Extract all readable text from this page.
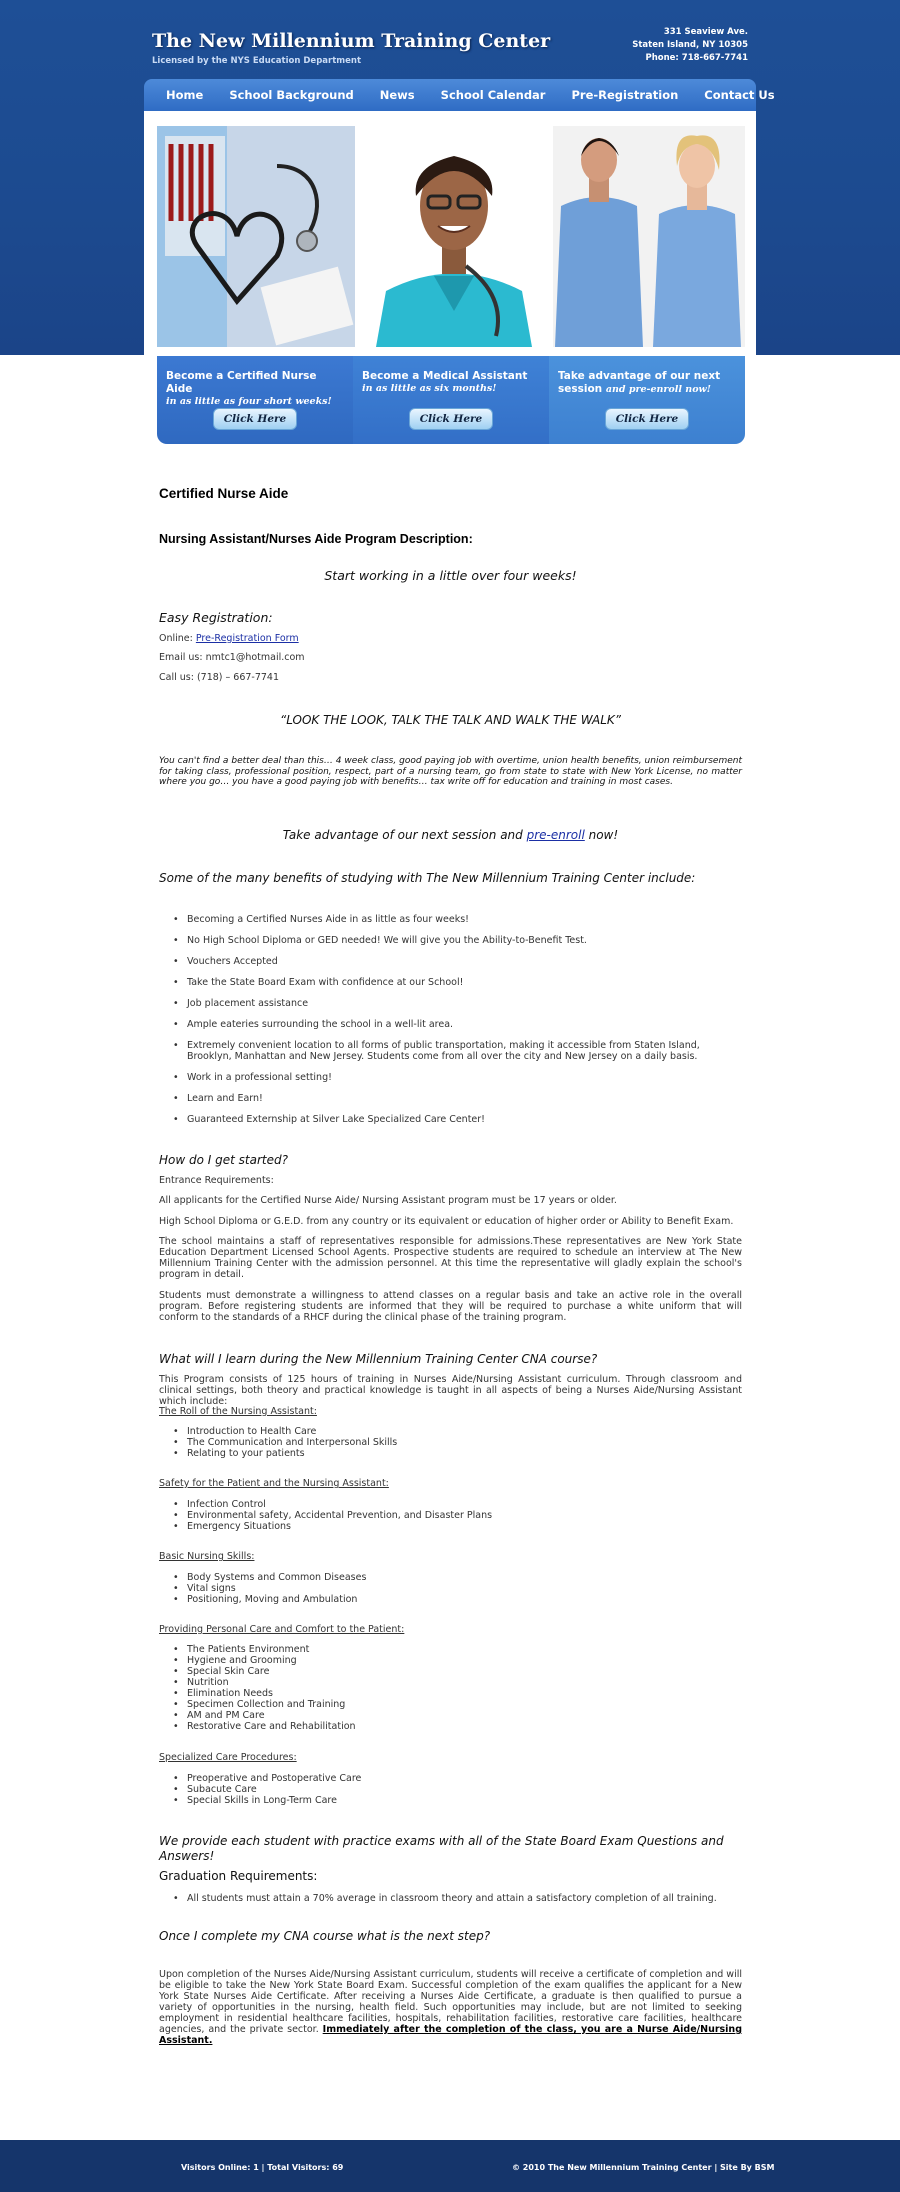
The New Millennium Training Center
Licensed by the NYS Education Department
331 Seaview Ave.
Staten Island, NY 10305
Phone: 718-667-7741
Home School Background News School Calendar Pre-Registration Contact Us
Become a Certified Nurse Aide
in as little as four short weeks!
Click Here
Become a Medical Assistant
in as little as six months!
Click Here
Take advantage of our next session and pre-enroll now!
Click Here
Certified Nurse Aide
Nursing Assistant/Nurses Aide Program Description:
Start working in a little over four weeks!
Easy Registration:
Online: Pre-Registration Form
Email us: nmtc1@hotmail.com
Call us: (718) – 667-7741
“LOOK THE LOOK, TALK THE TALK AND WALK THE WALK”
You can't find a better deal than this… 4 week class, good paying job with overtime, union health benefits, union reimbursement for taking class, professional position, respect, part of a nursing team, go from state to state with New York License, no matter where you go… you have a good paying job with benefits… tax write off for education and training in most cases.
Take advantage of our next session and pre-enroll now!
Some of the many benefits of studying with The New Millennium Training Center include:
• Becoming a Certified Nurses Aide in as little as four weeks!
• No High School Diploma or GED needed! We will give you the Ability-to-Benefit Test.
• Vouchers Accepted
• Take the State Board Exam with confidence at our School!
• Job placement assistance
• Ample eateries surrounding the school in a well-lit area.
• Extremely convenient location to all forms of public transportation, making it accessible from Staten Island, Brooklyn, Manhattan and New Jersey. Students come from all over the city and New Jersey on a daily basis.
• Work in a professional setting!
• Learn and Earn!
• Guaranteed Externship at Silver Lake Specialized Care Center!
How do I get started?
Entrance Requirements:
All applicants for the Certified Nurse Aide/ Nursing Assistant program must be 17 years or older.
High School Diploma or G.E.D. from any country or its equivalent or education of higher order or Ability to Benefit Exam.
The school maintains a staff of representatives responsible for admissions.These representatives are New York State Education Department Licensed School Agents. Prospective students are required to schedule an interview at The New Millennium Training Center with the admission personnel. At this time the representative will gladly explain the school's program in detail.
Students must demonstrate a willingness to attend classes on a regular basis and take an active role in the overall program. Before registering students are informed that they will be required to purchase a white uniform that will conform to the standards of a RHCF during the clinical phase of the training program.
What will I learn during the New Millennium Training Center CNA course?
This Program consists of 125 hours of training in Nurses Aide/Nursing Assistant curriculum. Through classroom and clinical settings, both theory and practical knowledge is taught in all aspects of being a Nurses Aide/Nursing Assistant which include:
The Roll of the Nursing Assistant:
• Introduction to Health Care
• The Communication and Interpersonal Skills
• Relating to your patients
Safety for the Patient and the Nursing Assistant:
• Infection Control
• Environmental safety, Accidental Prevention, and Disaster Plans
• Emergency Situations
Basic Nursing Skills:
• Body Systems and Common Diseases
• Vital signs
• Positioning, Moving and Ambulation
Providing Personal Care and Comfort to the Patient:
• The Patients Environment
• Hygiene and Grooming
• Special Skin Care
• Nutrition
• Elimination Needs
• Specimen Collection and Training
• AM and PM Care
• Restorative Care and Rehabilitation
Specialized Care Procedures:
• Preoperative and Postoperative Care
• Subacute Care
• Special Skills in Long-Term Care
We provide each student with practice exams with all of the State Board Exam Questions and Answers!
Graduation Requirements:
• All students must attain a 70% average in classroom theory and attain a satisfactory completion of all training.
Once I complete my CNA course what is the next step?
Upon completion of the Nurses Aide/Nursing Assistant curriculum, students will receive a certificate of completion and will be eligible to take the New York State Board Exam. Successful completion of the exam qualifies the applicant for a New York State Nurses Aide Certificate. After receiving a Nurses Aide Certificate, a graduate is then qualified to pursue a variety of opportunities in the nursing, health field. Such opportunities may include, but are not limited to seeking employment in residential healthcare facilities, hospitals, rehabilitation facilities, restorative care facilities, healthcare agencies, and the private sector. Immediately after the completion of the class, you are a Nurse Aide/Nursing Assistant.
Visitors Online: 1 | Total Visitors: 69	© 2010 The New Millennium Training Center | Site By BSM
